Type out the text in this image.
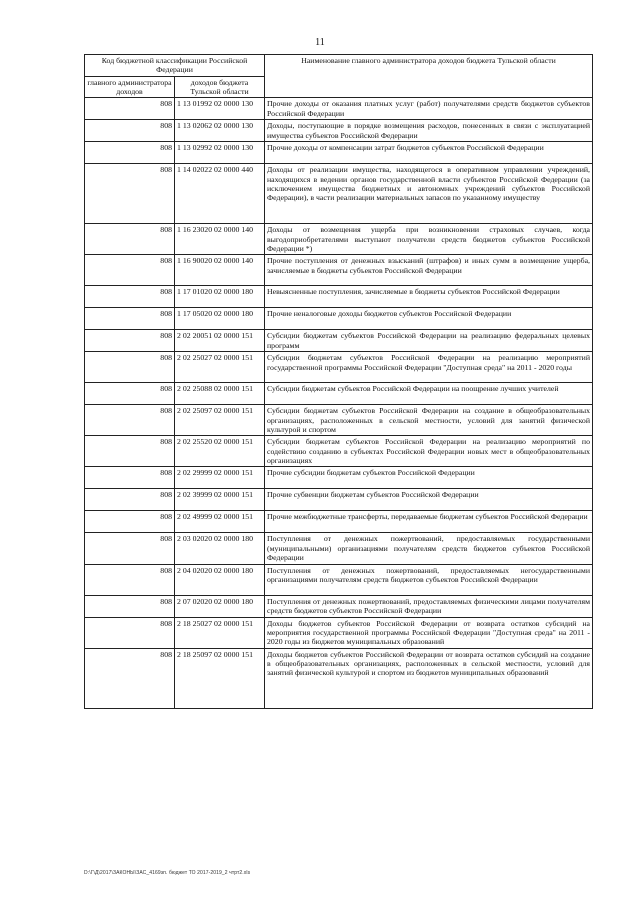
11
Код бюджетной классификации Российской Федерации		Наименование главного администратора доходов бюджета Тульской области
главного администратора доходов	доходов бюджета Тульской области	
808	1 13 01992 02 0000 130	Прочие доходы от оказания платных услуг (работ) получателями средств бюджетов субъектов Российской Федерации
808	1 13 02062 02 0000 130	Доходы, поступающие в порядке возмещения расходов, понесенных в связи с эксплуатацией имущества субъектов Российской Федерации
808	1 13 02992 02 0000 130	Прочие доходы от компенсации затрат бюджетов субъектов Российской Федерации
808	1 14 02022 02 0000 440	Доходы от реализации имущества, находящегося в оперативном управлении учреждений, находящихся в ведении органов государственной власти субъектов Российской Федерации (за исключением имущества бюджетных и автономных учреждений субъектов Российской Федерации), в части реализации материальных запасов по указанному имуществу
808	1 16 23020 02 0000 140	Доходы от возмещения ущерба при возникновении страховых случаев, когда выгодоприобретателями выступают получатели средств бюджетов субъектов Российской Федерации *)
808	1 16 90020 02 0000 140	Прочие поступления от денежных взысканий (штрафов) и иных сумм в возмещение ущерба, зачисляемые в бюджеты субъектов Российской Федерации
808	1 17 01020 02 0000 180	Невыясненные поступления, зачисляемые в бюджеты субъектов Российской Федерации
808	1 17 05020 02 0000 180	Прочие неналоговые доходы бюджетов субъектов Российской Федерации
808	2 02 20051 02 0000 151	Субсидии бюджетам субъектов Российской Федерации на реализацию федеральных целевых программ
808	2 02 25027 02 0000 151	Субсидии бюджетам субъектов Российской Федерации на реализацию мероприятий государственной программы Российской Федерации "Доступная среда" на 2011 - 2020 годы
808	2 02 25088 02 0000 151	Субсидии бюджетам субъектов Российской Федерации на поощрение лучших учителей
808	2 02 25097 02 0000 151	Субсидии бюджетам субъектов Российской Федерации на создание в общеобразовательных организациях, расположенных в сельской местности, условий для занятий физической культурой и спортом
808	2 02 25520 02 0000 151	Субсидии бюджетам субъектов Российской Федерации на реализацию мероприятий по содействию созданию в субъектах Российской Федерации новых мест в общеобразовательных организациях
808	2 02 29999 02 0000 151	Прочие субсидии бюджетам субъектов Российской Федерации
808	2 02 39999 02 0000 151	Прочие субвенции бюджетам субъектов Российской Федерации
808	2 02 49999 02 0000 151	Прочие межбюджетные трансферты, передаваемые бюджетам субъектов Российской Федерации
808	2 03 02020 02 0000 180	Поступления от денежных пожертвований, предоставляемых государственными (муниципальными) организациями получателям средств бюджетов субъектов Российской Федерации
808	2 04 02020 02 0000 180	Поступления от денежных пожертвований, предоставляемых негосударственными организациями получателям средств бюджетов субъектов Российской Федерации
808	2 07 02020 02 0000 180	Поступления от денежных пожертвований, предоставляемых физическими лицами получателям средств бюджетов субъектов Российской Федерации
808	2 18 25027 02 0000 151	Доходы бюджетов субъектов Российской Федерации от возврата остатков субсидий на мероприятия государственной программы Российской Федерации "Доступная среда" на 2011 - 2020 годы из бюджетов муниципальных образований
808	2 18 25097 02 0000 151	Доходы бюджетов субъектов Российской Федерации от возврата остатков субсидий на создание в общеобразовательных организациях, расположенных в сельской местности, условий для занятий физической культурой и спортом из бюджетов муниципальных образований
D:\Г\Д\2017\ЗАКОНЫ\ЗАС_4169зп. бюджет ТО 2017-2019_2 чтрт2.xls
